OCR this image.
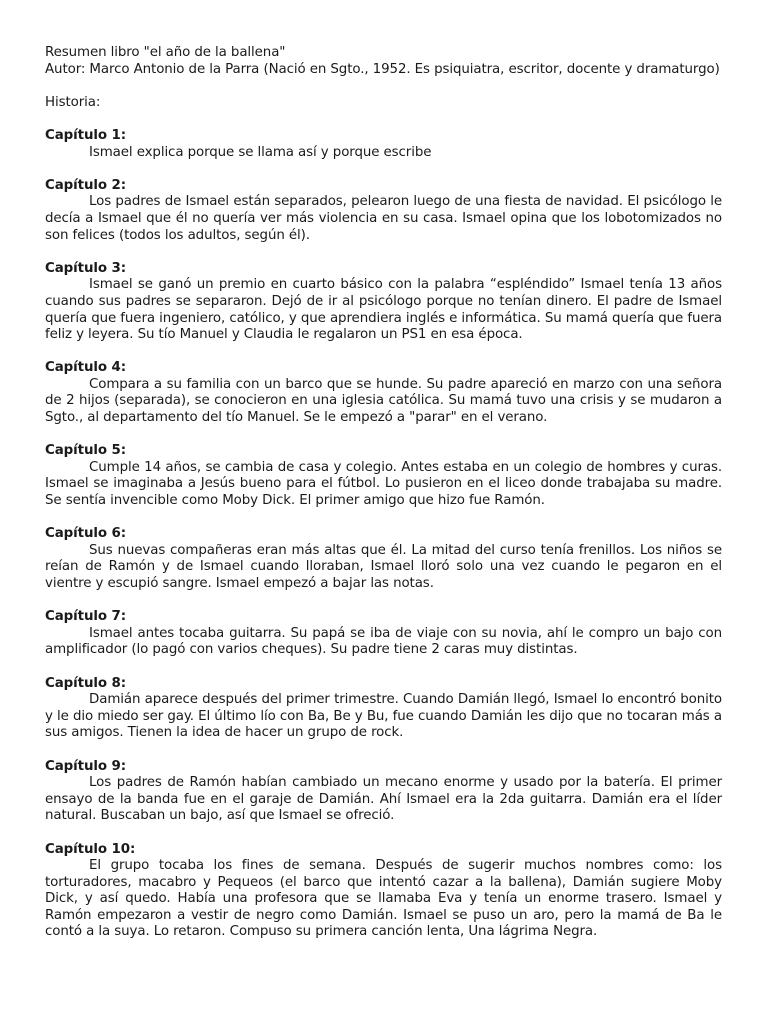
Resumen libro "el año de la ballena"

Autor: Marco Antonio de la Parra (Nació en Sgto., 1952. Es psiquiatra, escritor, docente y dramaturgo)

Historia:

Capítulo 1:

Ismael explica porque se llama así y porque escribe

Capítulo 2:

Los padres de Ismael están separados, pelearon luego de una fiesta de navidad. El psicólogo le decía a Ismael que él no quería ver más violencia en su casa. Ismael opina que los lobotomizados no son felices (todos los adultos, según él).

Capítulo 3:

Ismael se ganó un premio en cuarto básico con la palabra “espléndido” Ismael tenía 13 años cuando sus padres se separaron. Dejó de ir al psicólogo porque no tenían dinero. El padre de Ismael quería que fuera ingeniero, católico, y que aprendiera inglés e informática. Su mamá quería que fuera feliz y leyera. Su tío Manuel y Claudia le regalaron un PS1 en esa época.

Capítulo 4:

Compara a su familia con un barco que se hunde. Su padre apareció en marzo con una señora de 2 hijos (separada), se conocieron en una iglesia católica. Su mamá tuvo una crisis y se mudaron a Sgto., al departamento del tío Manuel. Se le empezó a "parar" en el verano.

Capítulo 5:

Cumple 14 años, se cambia de casa y colegio. Antes estaba en un colegio de hombres y curas. Ismael se imaginaba a Jesús bueno para el fútbol. Lo pusieron en el liceo donde trabajaba su madre. Se sentía invencible como Moby Dick. El primer amigo que hizo fue Ramón.

Capítulo 6:

Sus nuevas compañeras eran más altas que él. La mitad del curso tenía frenillos. Los niños se reían de Ramón y de Ismael cuando lloraban, Ismael lloró solo una vez cuando le pegaron en el vientre y escupió sangre. Ismael empezó a bajar las notas.

Capítulo 7:

Ismael antes tocaba guitarra. Su papá se iba de viaje con su novia, ahí le compro un bajo con amplificador (lo pagó con varios cheques). Su padre tiene 2 caras muy distintas.

Capítulo 8:

Damián aparece después del primer trimestre. Cuando Damián llegó, Ismael lo encontró bonito y le dio miedo ser gay. El último lío con Ba, Be y Bu, fue cuando Damián les dijo que no tocaran más a sus amigos. Tienen la idea de hacer un grupo de rock.

Capítulo 9:

Los padres de Ramón habían cambiado un mecano enorme y usado por la batería. El primer ensayo de la banda fue en el garaje de Damián. Ahí Ismael era la 2da guitarra. Damián era el líder natural. Buscaban un bajo, así que Ismael se ofreció.

Capítulo 10:

El grupo tocaba los fines de semana. Después de sugerir muchos nombres como: los torturadores, macabro y Pequeos (el barco que intentó cazar a la ballena), Damián sugiere Moby Dick, y así quedo. Había una profesora que se llamaba Eva y tenía un enorme trasero. Ismael y Ramón empezaron a vestir de negro como Damián. Ismael se puso un aro, pero la mamá de Ba le contó a la suya. Lo retaron. Compuso su primera canción lenta, Una lágrima Negra.
